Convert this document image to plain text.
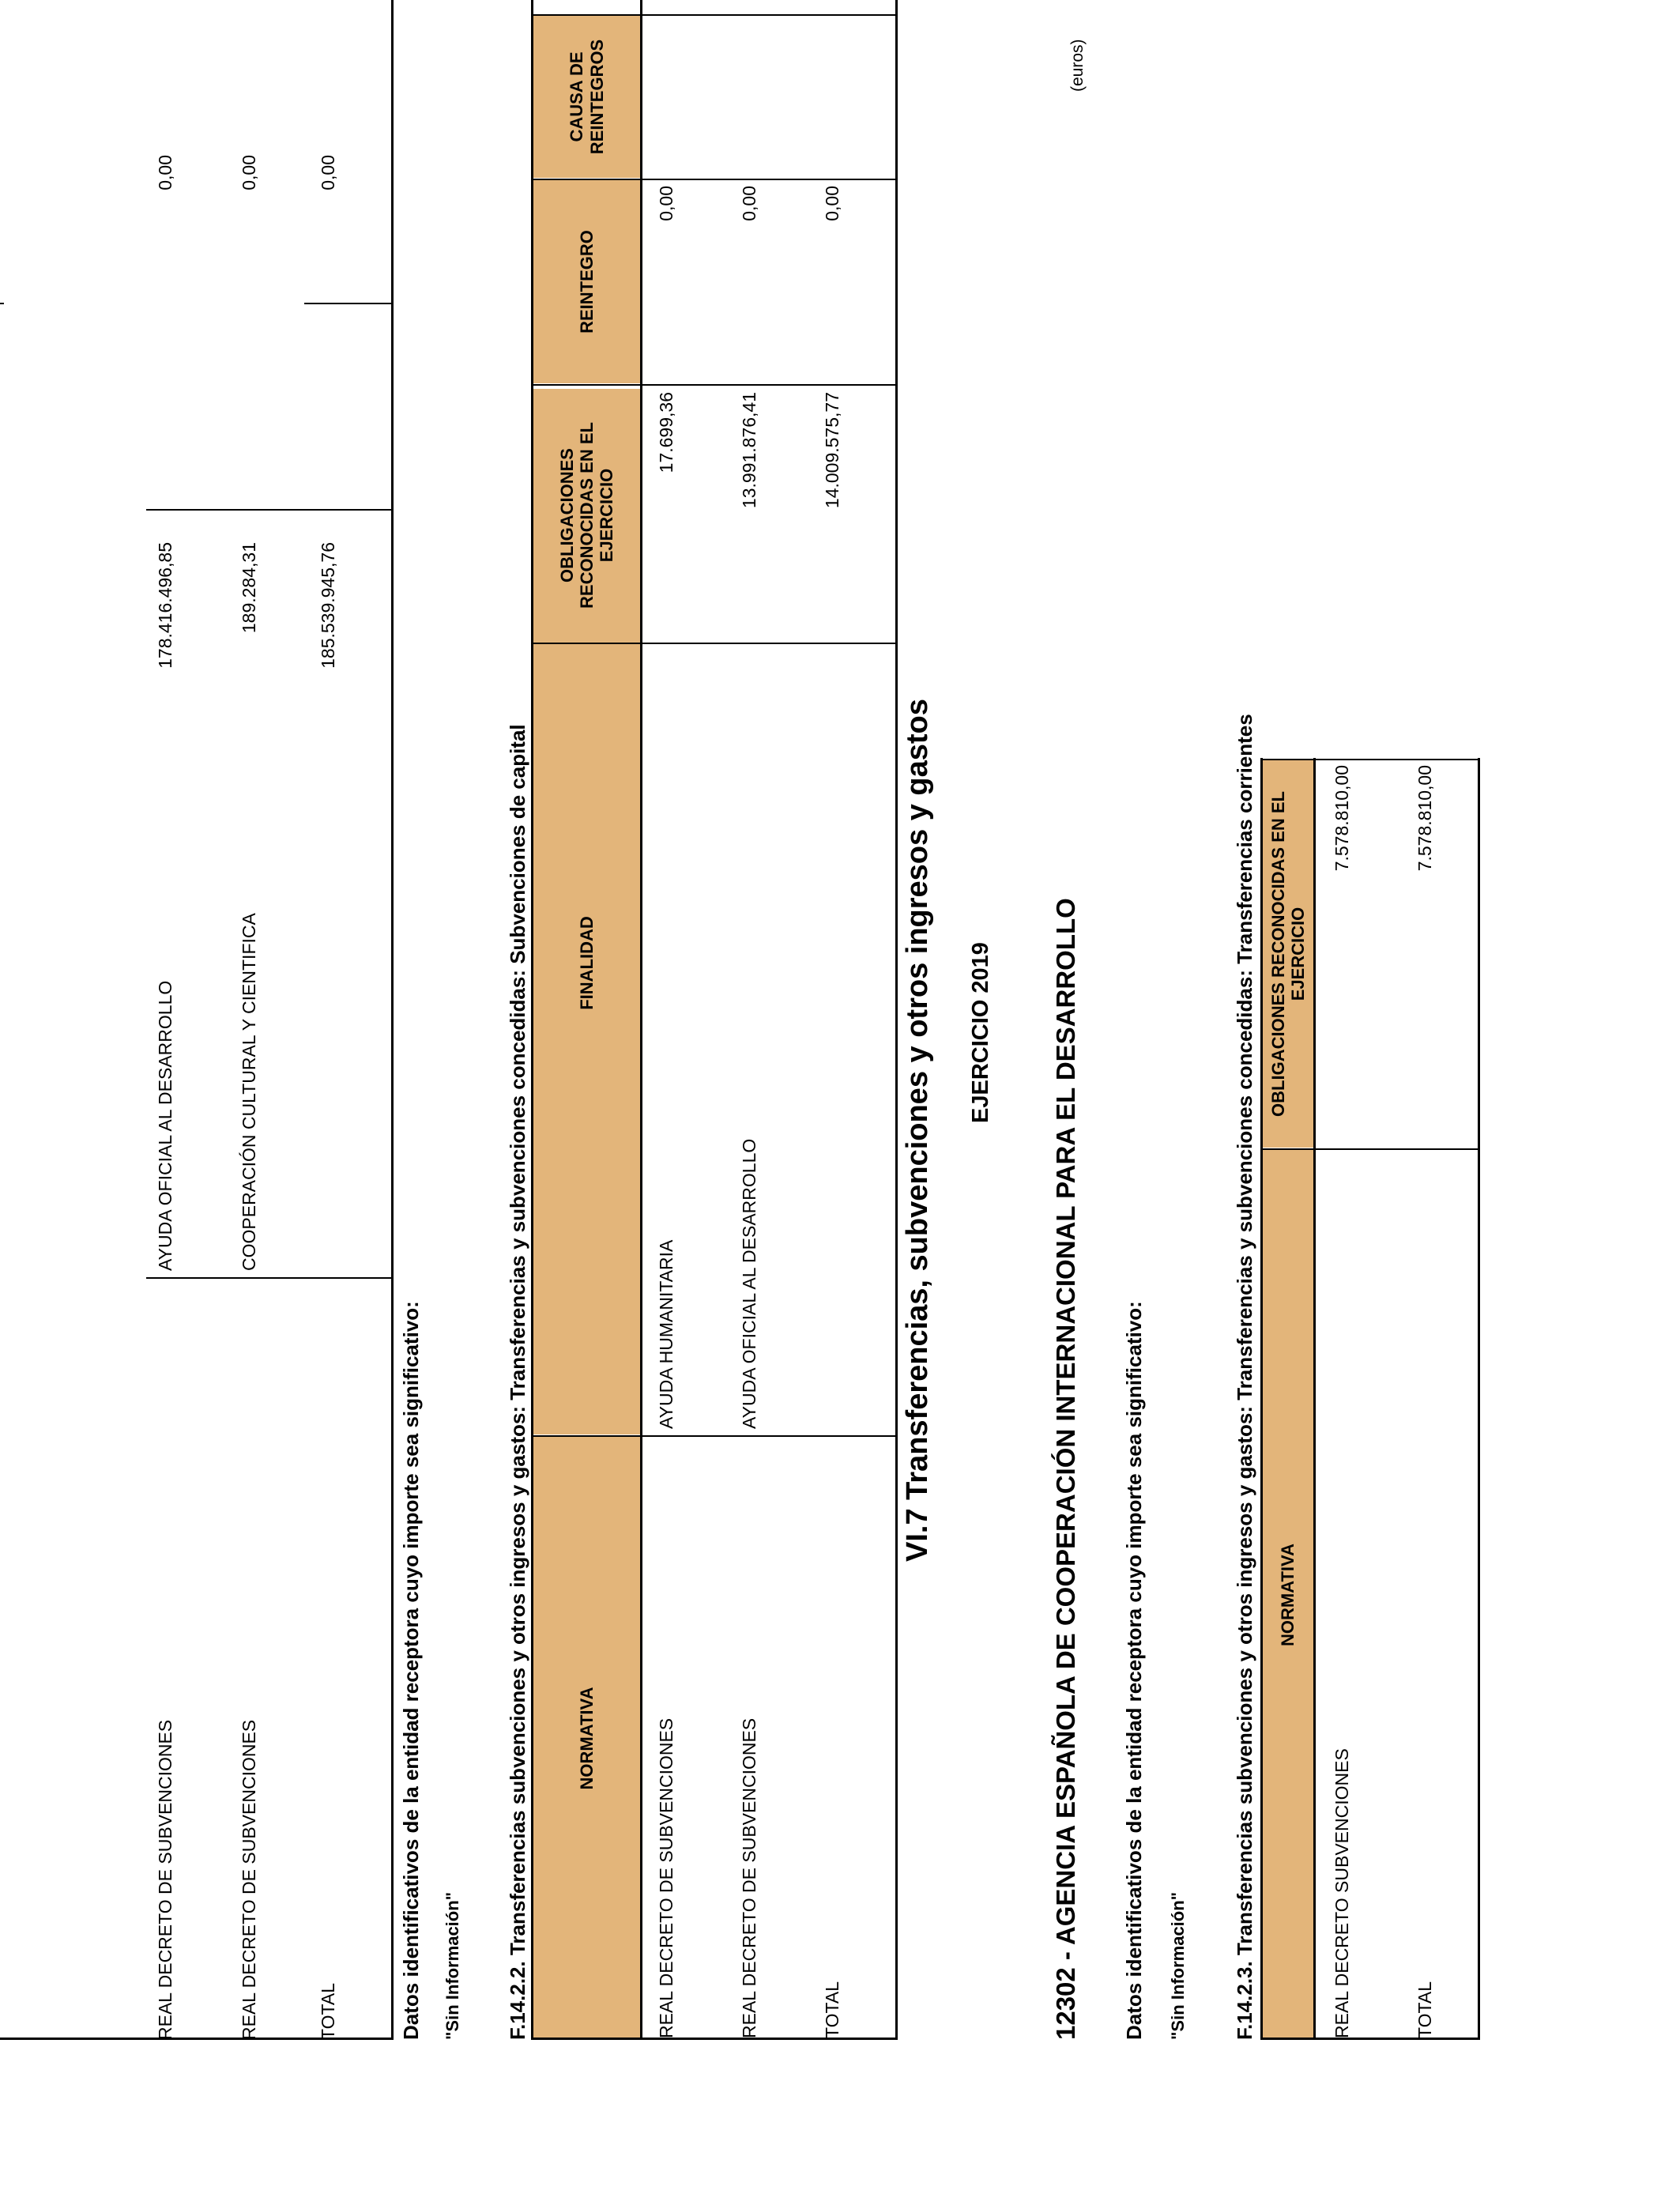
REAL DECRETO DE SUBVENCIONES
AYUDA OFICIAL AL DESARROLLO
178.416.496,85
0,00
REAL DECRETO DE SUBVENCIONES
COOPERACIÓN CULTURAL Y CIENTIFICA
189.284,31
0,00
TOTAL
185.539.945,76
0,00
Datos identificativos de la entidad receptora cuyo importe sea significativo: "Sin Información" F.14.2.2. Transferencias subvenciones y otros ingresos y gastos: Transferencias y subvenciones concedidas: Subvenciones de capital	NORMATIVA
FINALIDAD
OBLIGACIONES RECONOCIDAS EN EL EJERCICIO
REINTEGRO
REAL DECRETO DE SUBVENCIONES
AYUDA HUMANITARIA
17.699,36
0,00
REAL DECRETO DE SUBVENCIONES
AYUDA OFICIAL AL DESARROLLO
13.991.876,41
0,00
TOTAL
14.009.575,77
0,00
VI.7 Transferencias, subvenciones y otros ingresos y gastos EJERCICIO 2019 12302 - AGENCIA ESPAÑOLA DE COOPERACIÓN INTERNACIONAL PARA EL DESARROLLO
(euros)
Datos identificativos de la entidad receptora cuyo importe sea significativo: "Sin Información" F.14.2.3. Transferencias subvenciones y otros ingresos y gastos: Transferencias y subvenciones concedidas: Transferencias corrientes NORMATIVA
OBLIGACIONES RECONOCIDAS EN EL EJERCICIO
REAL DECRETO SUBVENCIONES
7.578.810,00
TOTAL
7.578.810,00
CAUSA DE REINTEGROS
